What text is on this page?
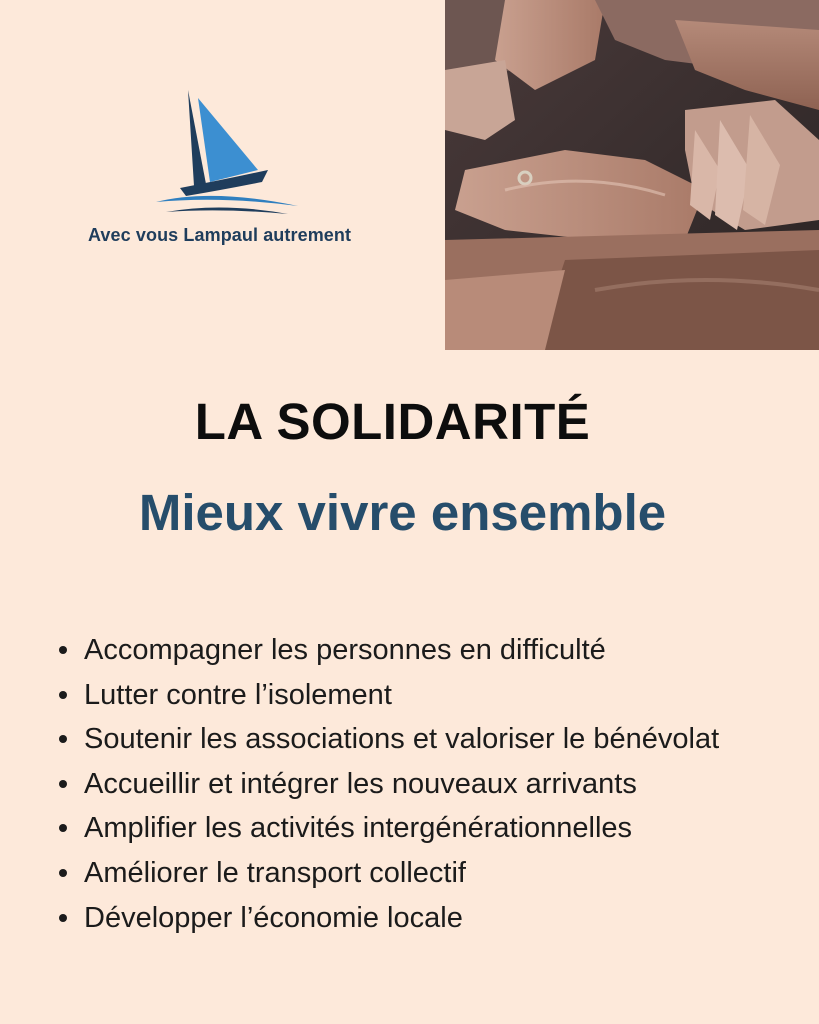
Avec vous Lampaul autrement
LA SOLIDARITÉ
Mieux vivre ensemble
Accompagner les personnes en difficulté
Lutter contre l’isolement
Soutenir les associations et valoriser le bénévolat
Accueillir et intégrer les nouveaux arrivants
Amplifier les activités intergénérationnelles
Améliorer le transport collectif
Développer l’économie locale
